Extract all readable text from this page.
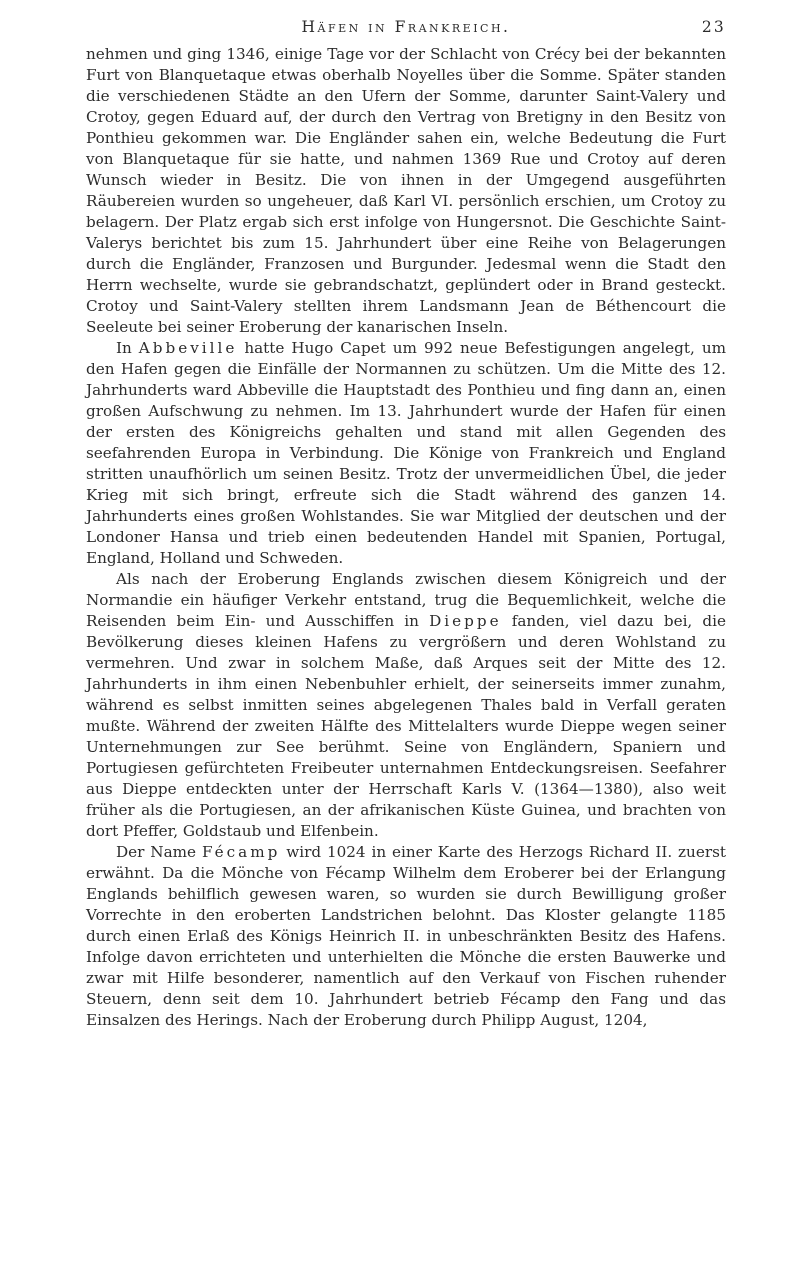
Häfen in Frankreich.	23

nehmen und ging 1346, einige Tage vor der Schlacht von Crécy bei der bekannten Furt von Blanquetaque etwas oberhalb Noyelles über die Somme. Später standen die verschiedenen Städte an den Ufern der Somme, darunter Saint-Valery und Crotoy, gegen Eduard auf, der durch den Vertrag von Bretigny in den Besitz von Ponthieu gekommen war. Die Engländer sahen ein, welche Bedeutung die Furt von Blanquetaque für sie hatte, und nahmen 1369 Rue und Crotoy auf deren Wunsch wieder in Besitz. Die von ihnen in der Umgegend ausgeführten Räubereien wurden so ungeheuer, daß Karl VI. persönlich erschien, um Crotoy zu belagern. Der Platz ergab sich erst infolge von Hungersnot. Die Geschichte Saint-Valerys berichtet bis zum 15. Jahrhundert über eine Reihe von Belagerungen durch die Engländer, Franzosen und Burgunder. Jedesmal wenn die Stadt den Herrn wechselte, wurde sie gebrandschatzt, geplündert oder in Brand gesteckt. Crotoy und Saint-Valery stellten ihrem Landsmann Jean de Béthencourt die Seeleute bei seiner Eroberung der kanarischen Inseln.

In Abbeville hatte Hugo Capet um 992 neue Befestigungen angelegt, um den Hafen gegen die Einfälle der Normannen zu schützen. Um die Mitte des 12. Jahrhunderts ward Abbeville die Hauptstadt des Ponthieu und fing dann an, einen großen Aufschwung zu nehmen. Im 13. Jahrhundert wurde der Hafen für einen der ersten des Königreichs gehalten und stand mit allen Gegenden des seefahrenden Europa in Verbindung. Die Könige von Frankreich und England stritten unaufhörlich um seinen Besitz. Trotz der unvermeidlichen Übel, die jeder Krieg mit sich bringt, erfreute sich die Stadt während des ganzen 14. Jahrhunderts eines großen Wohlstandes. Sie war Mitglied der deutschen und der Londoner Hansa und trieb einen bedeutenden Handel mit Spanien, Portugal, England, Holland und Schweden.

Als nach der Eroberung Englands zwischen diesem Königreich und der Normandie ein häufiger Verkehr entstand, trug die Bequemlichkeit, welche die Reisenden beim Ein- und Ausschiffen in Dieppe fanden, viel dazu bei, die Bevölkerung dieses kleinen Hafens zu vergrößern und deren Wohlstand zu vermehren. Und zwar in solchem Maße, daß Arques seit der Mitte des 12. Jahrhunderts in ihm einen Nebenbuhler erhielt, der seinerseits immer zunahm, während es selbst inmitten seines abgelegenen Thales bald in Verfall geraten mußte. Während der zweiten Hälfte des Mittelalters wurde Dieppe wegen seiner Unternehmungen zur See berühmt. Seine von Engländern, Spaniern und Portugiesen gefürchteten Freibeuter unternahmen Entdeckungsreisen. Seefahrer aus Dieppe entdeckten unter der Herrschaft Karls V. (1364—1380), also weit früher als die Portugiesen, an der afrikanischen Küste Guinea, und brachten von dort Pfeffer, Goldstaub und Elfenbein.

Der Name Fécamp wird 1024 in einer Karte des Herzogs Richard II. zuerst erwähnt. Da die Mönche von Fécamp Wilhelm dem Eroberer bei der Erlangung Englands behilflich gewesen waren, so wurden sie durch Bewilligung großer Vorrechte in den eroberten Landstrichen belohnt. Das Kloster gelangte 1185 durch einen Erlaß des Königs Heinrich II. in unbeschränkten Besitz des Hafens. Infolge davon errichteten und unterhielten die Mönche die ersten Bauwerke und zwar mit Hilfe besonderer, namentlich auf den Verkauf von Fischen ruhender Steuern, denn seit dem 10. Jahrhundert betrieb Fécamp den Fang und das Einsalzen des Herings. Nach der Eroberung durch Philipp August, 1204,
